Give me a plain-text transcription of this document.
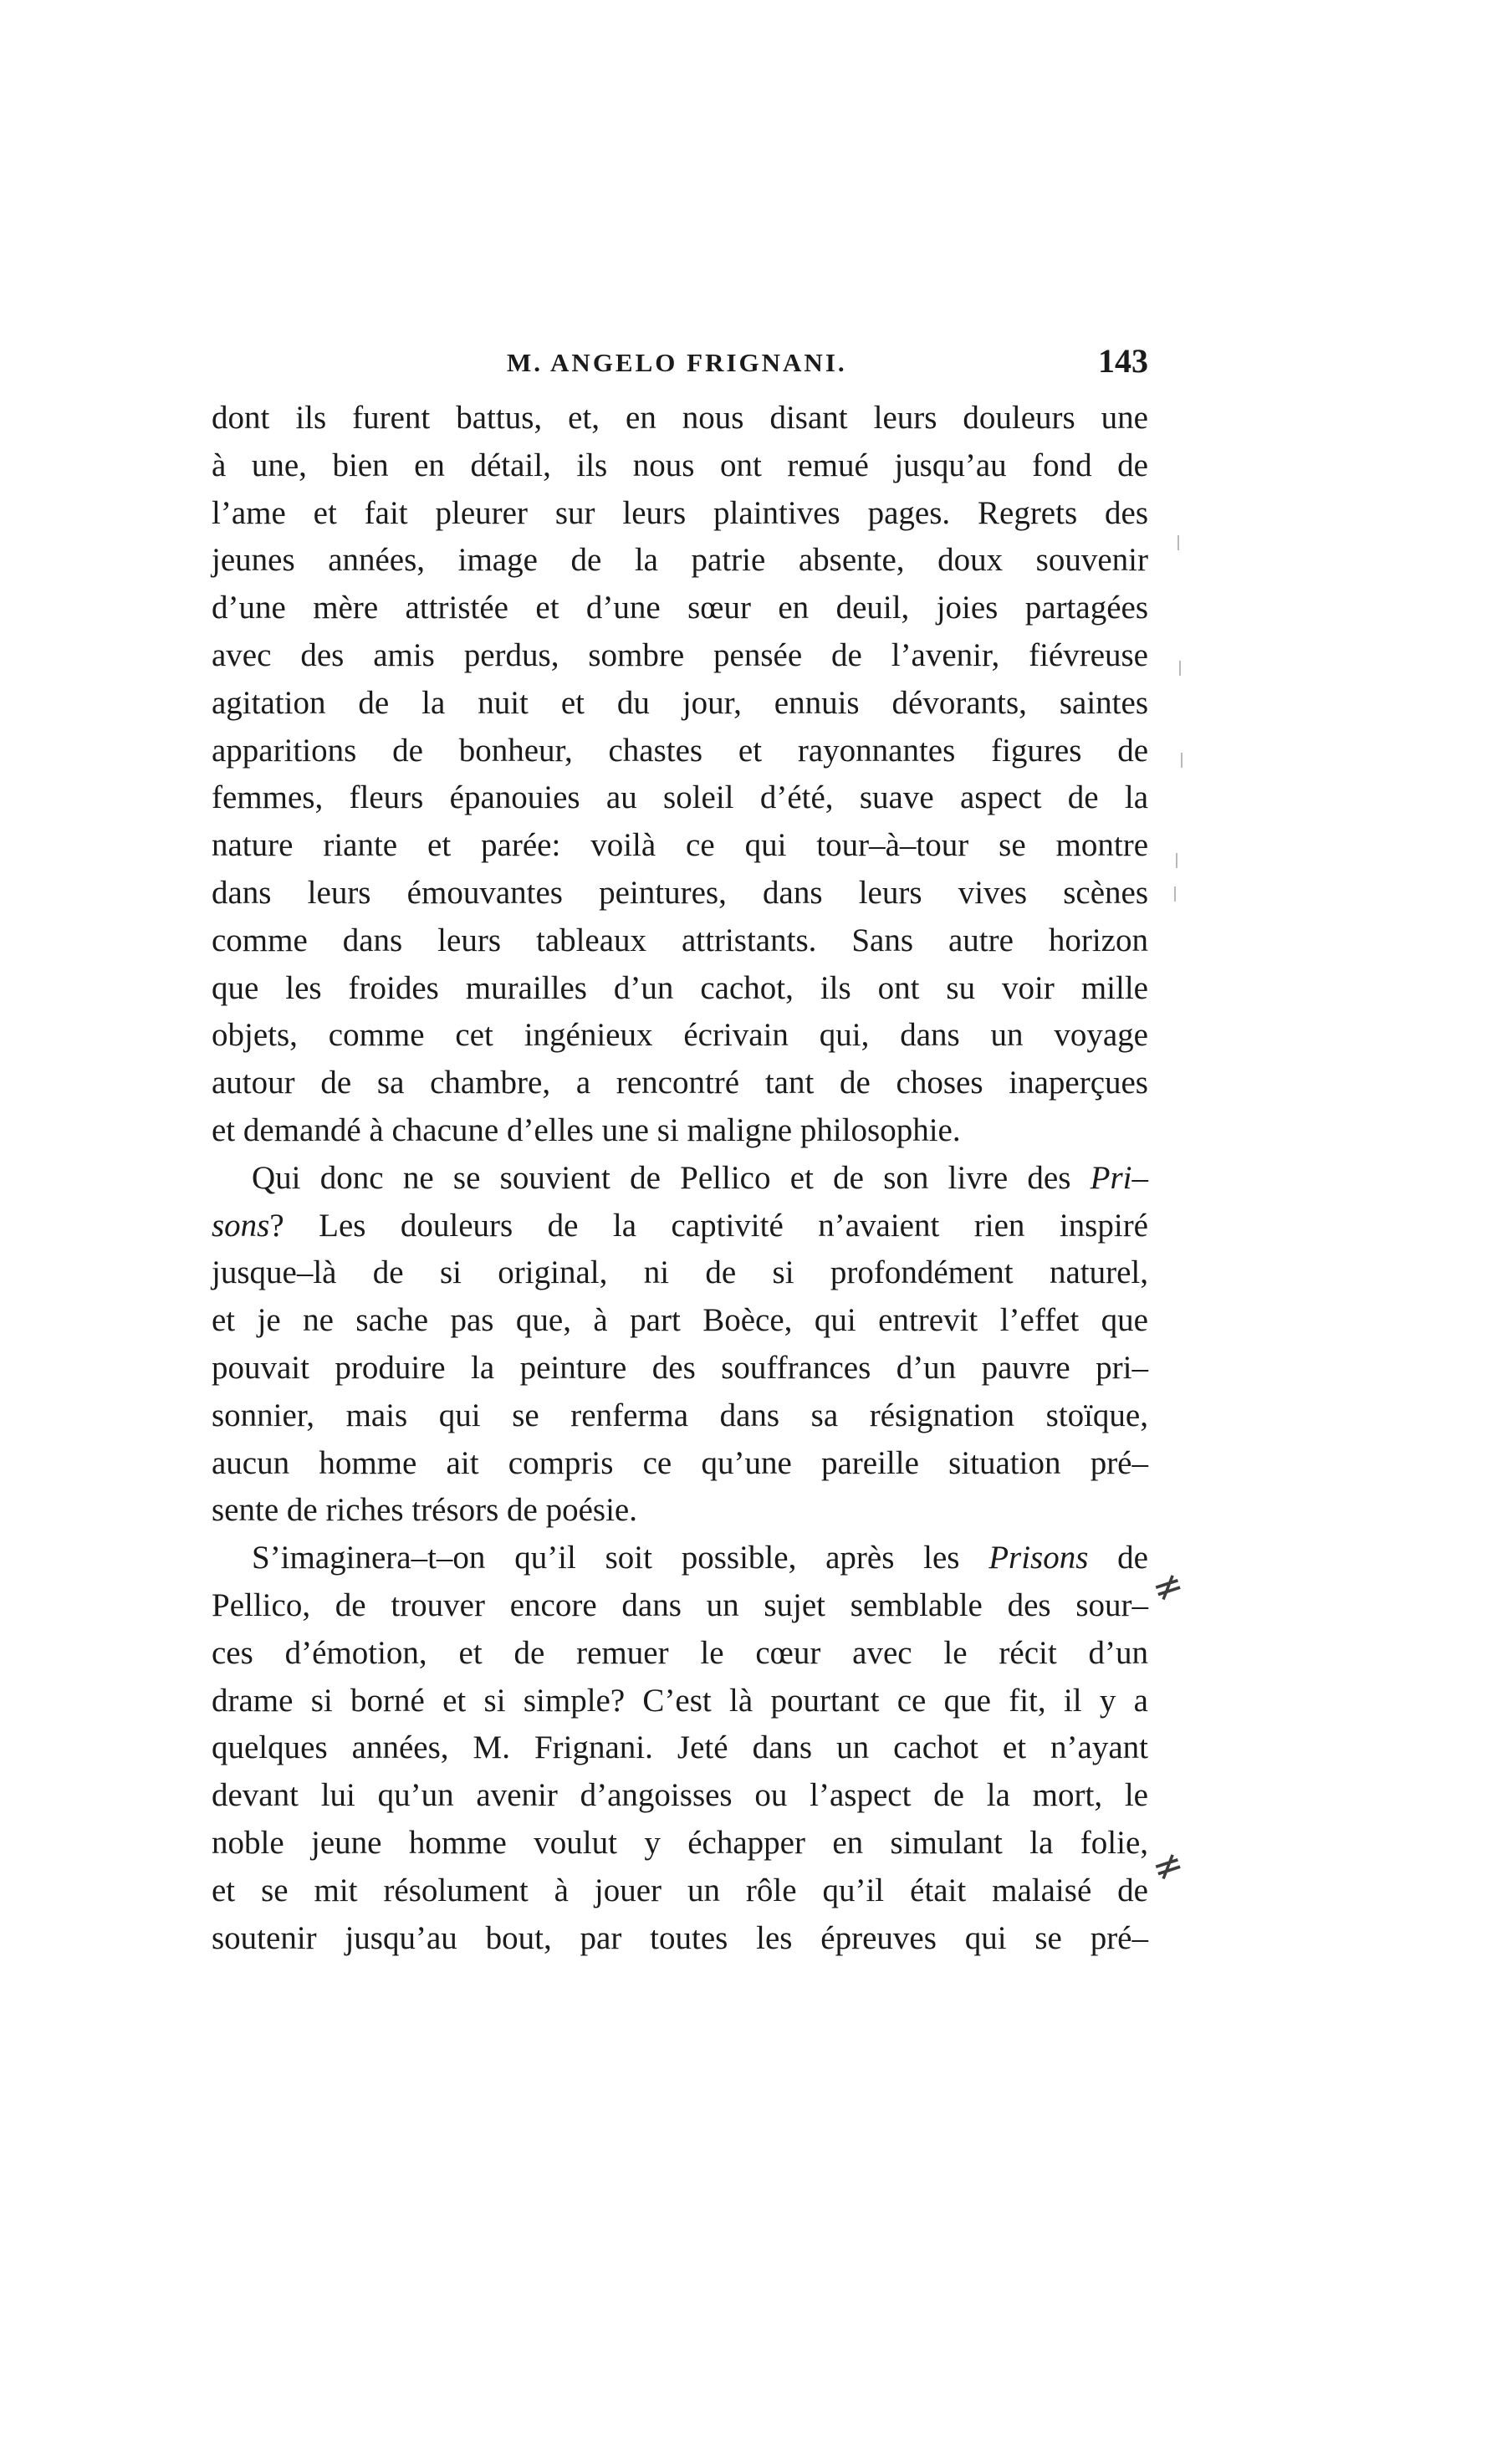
M. ANGELO FRIGNANI.	143
dont ils furent battus, et, en nous disant leurs douleurs une
à une, bien en détail, ils nous ont remué jusqu’au fond de
l’ame et fait pleurer sur leurs plaintives pages. Regrets des
jeunes années, image de la patrie absente, doux souvenir
d’une mère attristée et d’une sœur en deuil, joies partagées
avec des amis perdus, sombre pensée de l’avenir, fiévreuse
agitation de la nuit et du jour, ennuis dévorants, saintes
apparitions de bonheur, chastes et rayonnantes figures de
femmes, fleurs épanouies au soleil d’été, suave aspect de la
nature riante et parée: voilà ce qui tour–à–tour se montre
dans leurs émouvantes peintures, dans leurs vives scènes
comme dans leurs tableaux attristants. Sans autre horizon
que les froides murailles d’un cachot, ils ont su voir mille
objets, comme cet ingénieux écrivain qui, dans un voyage
autour de sa chambre, a rencontré tant de choses inaperçues
et demandé à chacune d’elles une si maligne philosophie.
Qui donc ne se souvient de Pellico et de son livre des Pri–
sons? Les douleurs de la captivité n’avaient rien inspiré
jusque–là de si original, ni de si profondément naturel,
et je ne sache pas que, à part Boèce, qui entrevit l’effet que
pouvait produire la peinture des souffrances d’un pauvre pri–
sonnier, mais qui se renferma dans sa résignation stoïque,
aucun homme ait compris ce qu’une pareille situation pré–
sente de riches trésors de poésie.
S’imaginera–t–on qu’il soit possible, après les Prisons de
Pellico, de trouver encore dans un sujet semblable des sour–
ces d’émotion, et de remuer le cœur avec le récit d’un
drame si borné et si simple? C’est là pourtant ce que fit, il y a
quelques années, M. Frignani. Jeté dans un cachot et n’ayant
devant lui qu’un avenir d’angoisses ou l’aspect de la mort, le
noble jeune homme voulut y échapper en simulant la folie,
et se mit résolument à jouer un rôle qu’il était malaisé de
soutenir jusqu’au bout, par toutes les épreuves qui se pré–
≠
≠
